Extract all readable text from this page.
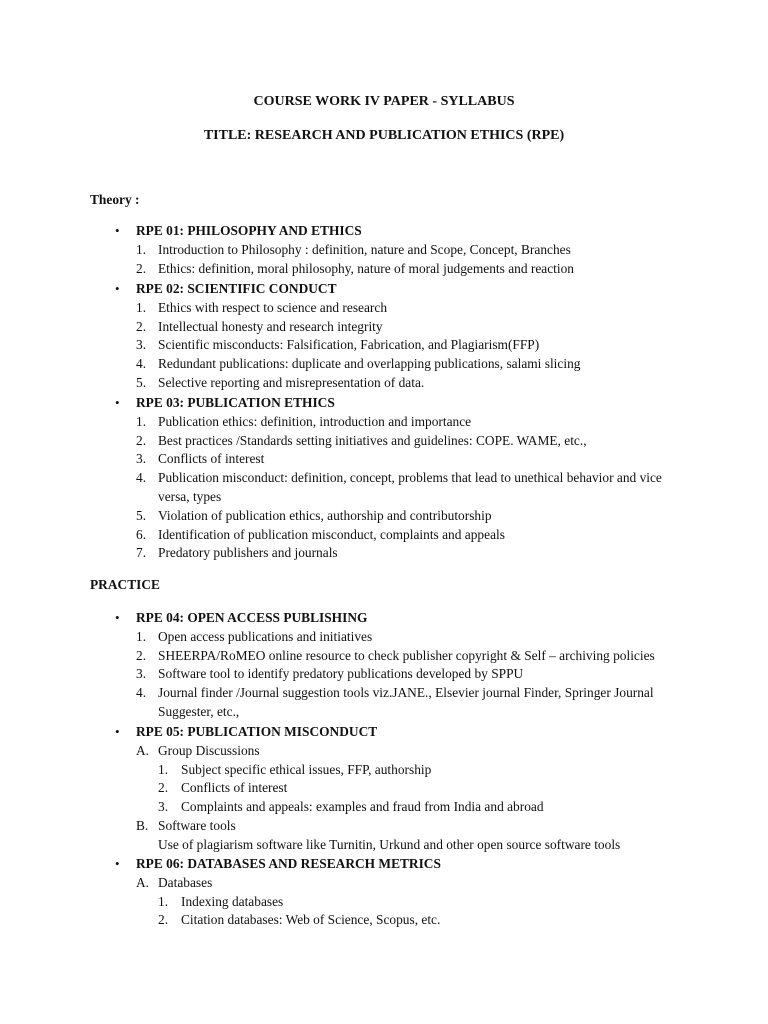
COURSE WORK IV PAPER - SYLLABUS
TITLE: RESEARCH AND PUBLICATION ETHICS (RPE)
Theory :
• RPE 01: PHILOSOPHY AND ETHICS
1. Introduction to Philosophy : definition, nature and Scope, Concept, Branches
2. Ethics: definition, moral philosophy, nature of moral judgements and reaction
• RPE 02: SCIENTIFIC CONDUCT
1. Ethics with respect to science and research
2. Intellectual honesty and research integrity
3. Scientific misconducts: Falsification, Fabrication, and Plagiarism(FFP)
4. Redundant publications: duplicate and overlapping publications, salami slicing
5. Selective reporting and misrepresentation of data.
• RPE 03: PUBLICATION ETHICS
1. Publication ethics: definition, introduction and importance
2. Best practices /Standards setting initiatives and guidelines: COPE. WAME, etc.,
3. Conflicts of interest
4. Publication misconduct: definition, concept, problems that lead to unethical behavior and vice
versa, types
5. Violation of publication ethics, authorship and contributorship
6. Identification of publication misconduct, complaints and appeals
7. Predatory publishers and journals
PRACTICE
• RPE 04: OPEN ACCESS PUBLISHING
1. Open access publications and initiatives
2. SHEERPA/RoMEO online resource to check publisher copyright & Self – archiving policies
3. Software tool to identify predatory publications developed by SPPU
4. Journal finder /Journal suggestion tools viz.JANE., Elsevier journal Finder, Springer Journal
Suggester, etc.,
• RPE 05: PUBLICATION MISCONDUCT
A. Group Discussions
1. Subject specific ethical issues, FFP, authorship
2. Conflicts of interest
3. Complaints and appeals: examples and fraud from India and abroad
B. Software tools
Use of plagiarism software like Turnitin, Urkund and other open source software tools
• RPE 06: DATABASES AND RESEARCH METRICS
A. Databases
1. Indexing databases
2. Citation databases: Web of Science, Scopus, etc.
